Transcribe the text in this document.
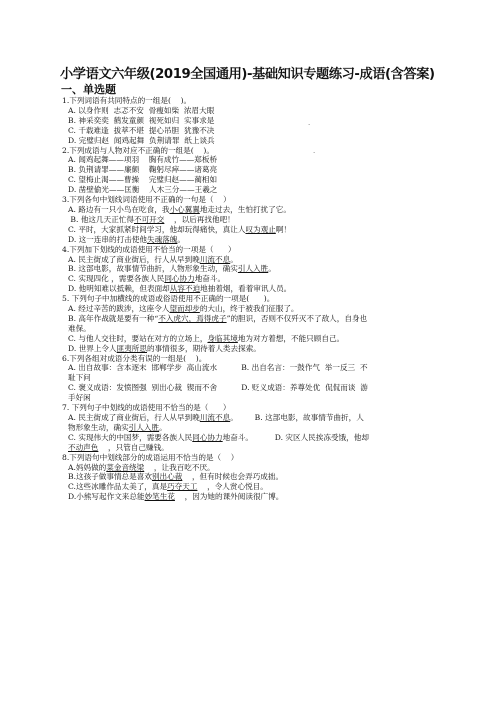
小学语文六年级(2019全国通用)-基础知识专题练习-成语(含答案)
一、单选题
1.下列词语有共同特点的一组是(    )。
A. 以身作则  志忑不安  骨瘦如柴  浓眉大眼
B. 神采奕奕  鹤发童颜  视死如归  实事求是
C. 千载难逢  拔萃不堪  提心吊胆  犹豫不决
D. 完璧归赵  闻鸡起舞  负荆请罪  纸上谈兵
2.下列成语与人物对应不正确的一组是(    )。
A. 闻鸡起舞——项羽    胸有成竹——郑板桥
B. 负荆请罪——廉颇    鞠躬尽瘁——诸葛亮
C. 望梅止渴——曹操    完璧归赵——蔺相如
D. 凿壁偷光——匡衡    人木三分——王羲之
3.下列各句中划线词语使用不正确的一句是（    ）
A. 路边有一只小鸟在吃食，我小心翼翼地走过去，生怕打扰了它。
B. 他这几天正忙得不可开交    ，以后再找他吧！
C. 平时，大家抓紧时间学习，他却玩得痛快，真让人叹为观止啊！
D. 这一连串的打击使他失魂落魄。
4.下列加下划线的成语使用不恰当的一项是（      ）
A. 民主街成了商业街后，行人从早到晚川流不息。
B. 这部电影，故事情节曲折，人物形象生动，确实引人入胜。
C. 实现四化 ，需要各族人民同心协力地奋斗。
D. 他明知难以抵赖，但表面却从容不迫地抽着烟，看着审讯人员。
5. 下列句子中加横线的成语或俗语使用不正确的一项是(      )。
A. 经过辛苦的跋涉，这座令人望而却步的大山，终于被我们征服了。
B. 高年作战就是要有一种“不入虎穴，焉得虎子”的胆识，否则不仅歼灭不了敌人，自身也
难保。
C. 与他人交往时，要站在对方的立场上，身临其境地为对方着想，不能只顾自己。
D. 世界上令人匪夷所思的事情很多，期待着人类去探索。
6.下列各组对成语分类有误的一组是(    )。
A. 出自故事：含本逐末  邯郸学步  高山流水          B. 出自名言：一鼓作气  举一反三  不
耻下问
C. 褒义成语：发愤图强  别出心裁  锲而不舍          D. 贬义成语：养尊处优  侃侃而谈  游
手好闲
7. 下列句子中划线的成语使用不恰当的是（      ）
A. 民主街成了商业街后，行人从早到晚川流不息。       B. 这部电影，故事情节曲折，人
物形象生动，确实引人入胜。
C. 实现伟大的中国梦，需要各族人民同心协力地奋斗。         D. 灾区人民挨冻受饿，他却
不动声色    ，只管自己赚钱。
8.下列语句中划线部分的成语运用不恰当的是（    ）
A.妈妈做的菜金音绕梁    ，让我百吃不厌。
B.这孩子做事情总是喜欢别出心裁    ，但有时候也会弄巧成拙。
C.这些冰雕作品太美了，真是巧夺天工    ，令人赏心悦目。
D.小熊写起作文来总能妙笔生花    ，因为她的课外阅读很广博。
.
.
